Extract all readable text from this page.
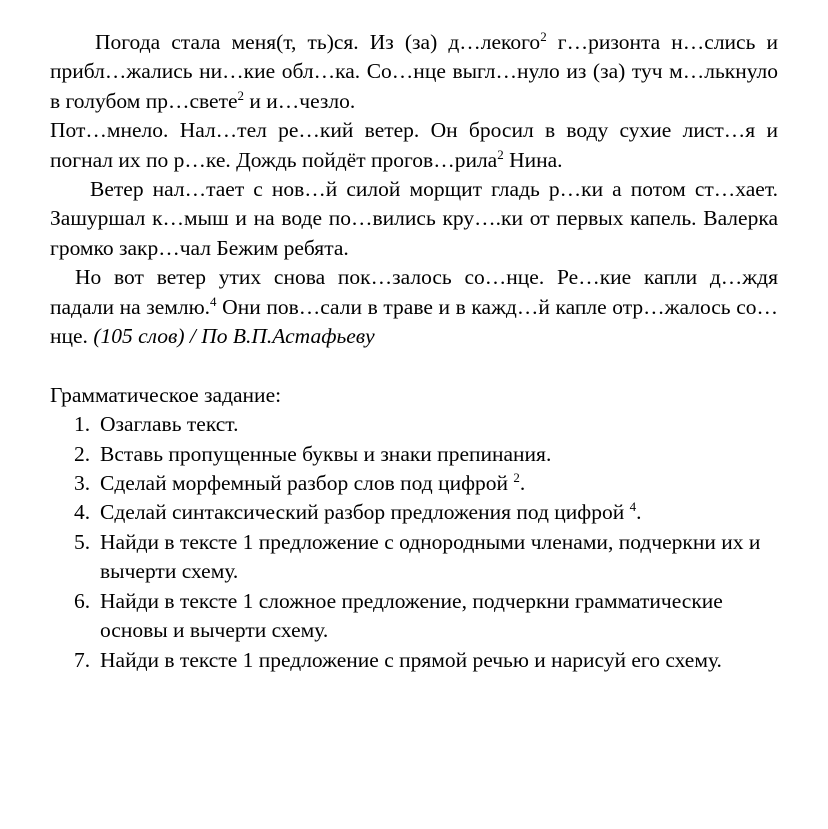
Погода стала меня(т, ть)ся. Из (за) д…лекого$^2$ г…ризонта н…слись и прибл…жались ни…кие обл…ка. Со…нце выгл…нуло из (за) туч м…лькнуло в голубом пр…свете$^2$ и и…чезло.

Пот…мнело. Нал…тел ре…кий ветер. Он бросил в воду сухие лист…я и погнал их по р…ке. Дождь пойдёт прогов…рила$^2$ Нина.

Ветер нал…тает с нов…й силой морщит гладь р…ки а потом ст…хает. Зашуршал к…мыш и на воде по…вились кру….ки от первых капель. Валерка громко закр…чал Бежим ребята.

Но вот ветер утих снова пок…залось со…нце. Ре…кие капли д…ждя падали на землю.$^4$ Они пов…сали в траве и в кажд…й капле отр…жалось со…нце. (105 слов) / По В.П.Астафьеву

Грамматическое задание:

1. Озаглавь текст.
2. Вставь пропущенные буквы и знаки препинания.
3. Сделай морфемный разбор слов под цифрой $^2$.
4. Сделай синтаксический разбор предложения под цифрой $^4$.
5. Найди в тексте 1 предложение с однородными членами, подчеркни их и вычерти схему.
6. Найди в тексте 1 сложное предложение, подчеркни грамматические основы и вычерти схему.
7. Найди в тексте 1 предложение с прямой речью и нарисуй его схему.
